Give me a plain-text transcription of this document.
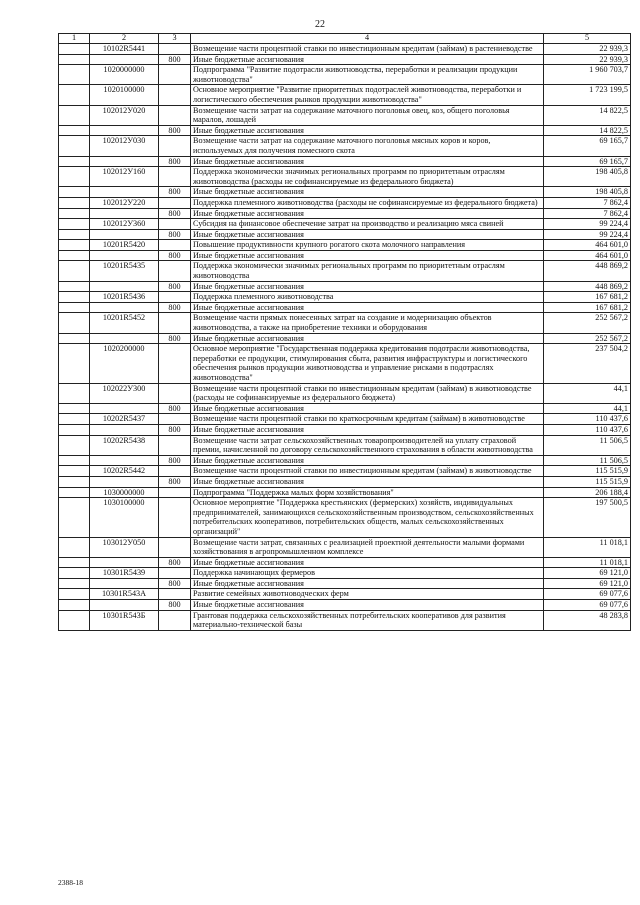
22
1	2	3	4	5
	10102R5441		Возмещение части процентной ставки по инвестиционным кредитам (займам) в растениеводстве	22 939,3
		800	Иные бюджетные ассигнования	22 939,3
	1020000000		Подпрограмма "Развитие подотрасли животноводства, переработки и реализации продукции животноводства"	1 960 703,7
	1020100000		Основное мероприятие "Развитие приоритетных подотраслей животноводства, переработки и логистического обеспечения рынков продукции животноводства"	1 723 199,5
	102012У020		Возмещение части затрат на содержание маточного поголовья овец, коз, общего поголовья маралов, лошадей	14 822,5
		800	Иные бюджетные ассигнования	14 822,5
	102012У030		Возмещение части затрат на содержание маточного поголовья мясных коров и коров, используемых для получения помесного скота	69 165,7
		800	Иные бюджетные ассигнования	69 165,7
	102012У160		Поддержка экономически значимых региональных программ по приоритетным отраслям животноводства (расходы не софинансируемые из федерального бюджета)	198 405,8
		800	Иные бюджетные ассигнования	198 405,8
	102012У220		Поддержка племенного животноводства (расходы не софинансируемые из федерального бюджета)	7 862,4
		800	Иные бюджетные ассигнования	7 862,4
	102012У360		Субсидия на финансовое обеспечение затрат на производство и реализацию мяса свиней	99 224,4
		800	Иные бюджетные ассигнования	99 224,4
	10201R5420		Повышение продуктивности крупного рогатого скота молочного направления	464 601,0
		800	Иные бюджетные ассигнования	464 601,0
	10201R5435		Поддержка экономически значимых региональных программ по приоритетным отраслям животноводства	448 869,2
		800	Иные бюджетные ассигнования	448 869,2
	10201R5436		Поддержка племенного животноводства	167 681,2
		800	Иные бюджетные ассигнования	167 681,2
	10201R5452		Возмещение части прямых понесенных затрат на создание и модернизацию объектов животноводства, а также на приобретение техники и оборудования	252 567,2
		800	Иные бюджетные ассигнования	252 567,2
	1020200000		Основное мероприятие "Государственная поддержка кредитования подотрасли животноводства, переработки ее продукции, стимулирования сбыта, развития инфраструктуры и логистического обеспечения рынков продукции животноводства и управление рисками в подотраслях животноводства"	237 504,2
	102022У300		Возмещение части процентной ставки по инвестиционным кредитам (займам) в животноводстве (расходы не софинансируемые из федерального бюджета)	44,1
		800	Иные бюджетные ассигнования	44,1
	10202R5437		Возмещение части процентной ставки по краткосрочным кредитам (займам) в животноводстве	110 437,6
		800	Иные бюджетные ассигнования	110 437,6
	10202R5438		Возмещение части затрат сельскохозяйственных товаропроизводителей на уплату страховой премии, начисленной по договору сельскохозяйственного страхования в области животноводства	11 506,5
		800	Иные бюджетные ассигнования	11 506,5
	10202R5442		Возмещение части процентной ставки по инвестиционным кредитам (займам) в животноводстве	115 515,9
		800	Иные бюджетные ассигнования	115 515,9
	1030000000		Подпрограмма "Поддержка малых форм хозяйствования"	206 188,4
	1030100000		Основное мероприятие "Поддержка крестьянских (фермерских) хозяйств, индивидуальных предпринимателей, занимающихся сельскохозяйственным производством, сельскохозяйственных потребительских кооперативов, потребительских обществ, малых сельскохозяйственных организаций"	197 500,5
	103012У050		Возмещение части затрат, связанных с реализацией проектной деятельности малыми формами хозяйствования в агропромышленном комплексе	11 018,1
		800	Иные бюджетные ассигнования	11 018,1
	10301R5439		Поддержка начинающих фермеров	69 121,0
		800	Иные бюджетные ассигнования	69 121,0
	10301R543А		Развитие семейных животноводческих ферм	69 077,6
		800	Иные бюджетные ассигнования	69 077,6
	10301R543Б		Грантовая поддержка сельскохозяйственных потребительских кооперативов для развития материально-технической базы	48 283,8
2388-18
